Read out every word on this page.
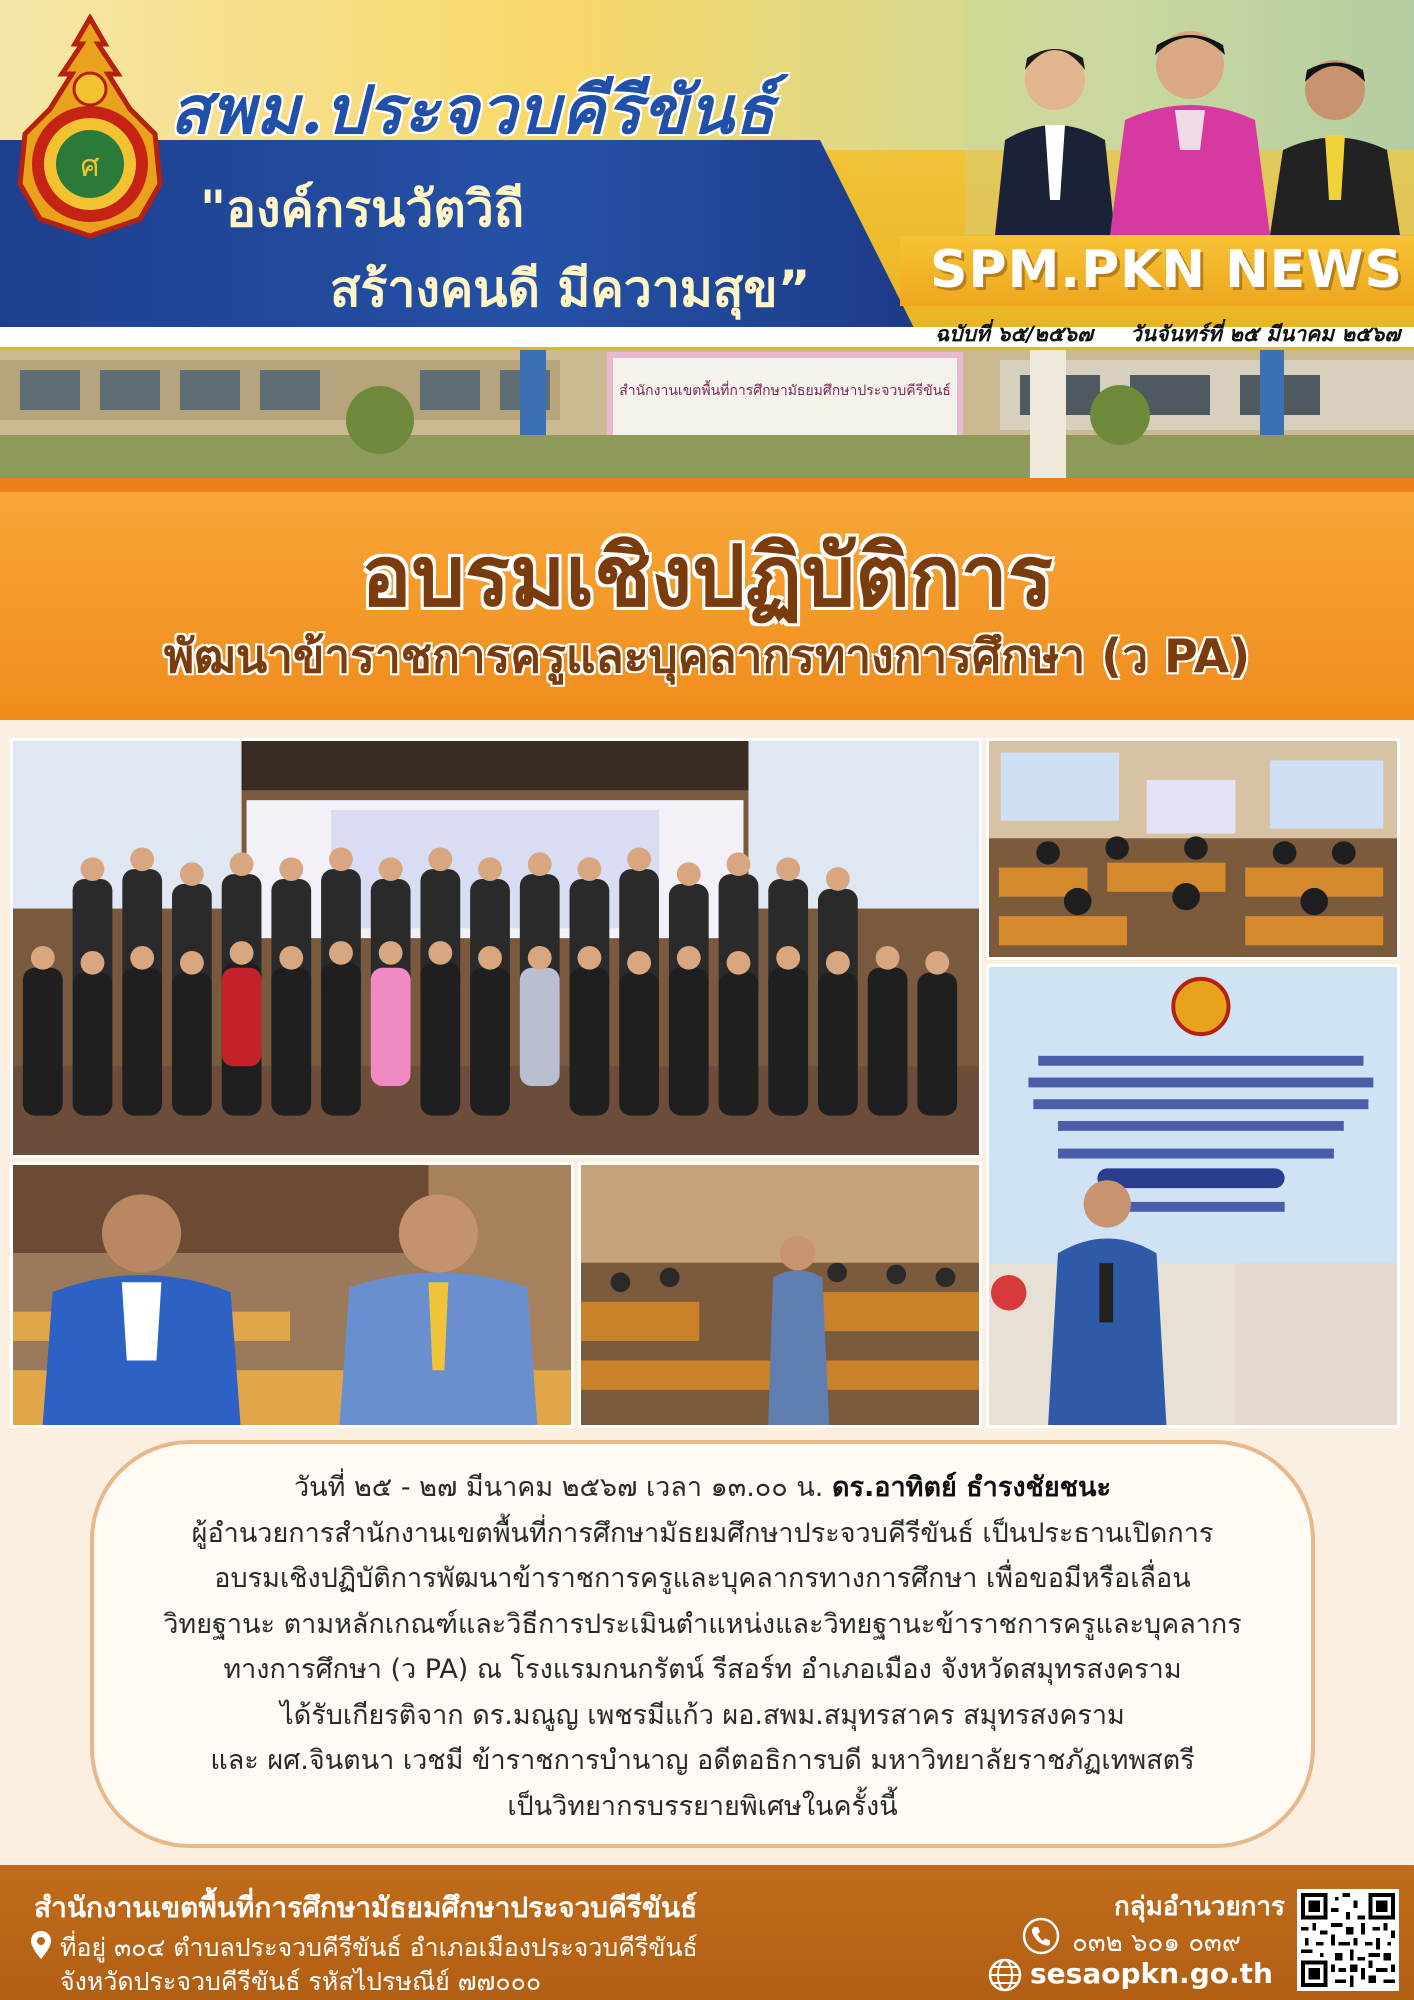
ศ
สพม.ประจวบคีรีขันธ์
"องค์กรนวัตวิถี
สร้างคนดี มีความสุข” SPM.PKN NEWS
ฉบับที่ ๖๕/๒๕๖๗ วันจันทร์ที่ ๒๕ มีนาคม ๒๕๖๗
สำนักงานเขตพื้นที่การศึกษามัธยมศึกษาประจวบคีรีขันธ์
อบรมเชิงปฏิบัติการ
พัฒนาข้าราชการครูและบุคลากรทางการศึกษา (ว PA)
วันที่ ๒๕ - ๒๗ มีนาคม ๒๕๖๗ เวลา ๑๓.๐๐ น. ดร.อาทิตย์ ธำรงชัยชนะ
ผู้อำนวยการสำนักงานเขตพื้นที่การศึกษามัธยมศึกษาประจวบคีรีขันธ์ เป็นประธานเปิดการ
อบรมเชิงปฏิบัติการพัฒนาข้าราชการครูและบุคลากรทางการศึกษา เพื่อขอมีหรือเลื่อน
วิทยฐานะ ตามหลักเกณฑ์และวิธีการประเมินตำแหน่งและวิทยฐานะข้าราชการครูและบุคลากร
ทางการศึกษา (ว PA) ณ โรงแรมกนกรัตน์ รีสอร์ท อำเภอเมือง จังหวัดสมุทรสงคราม
ได้รับเกียรติจาก ดร.มณูญ เพชรมีแก้ว ผอ.สพม.สมุทรสาคร สมุทรสงคราม
และ ผศ.จินตนา เวชมี ข้าราชการบำนาญ อดีตอธิการบดี มหาวิทยาลัยราชภัฏเทพสตรี
เป็นวิทยากรบรรยายพิเศษในครั้งนี้
สำนักงานเขตพื้นที่การศึกษามัธยมศึกษาประจวบคีรีขันธ์
ที่อยู่ ๓๐๔ ตำบลประจวบคีรีขันธ์ อำเภอเมืองประจวบคีรีขันธ์
จังหวัดประจวบคีรีขันธ์ รหัสไปรษณีย์ ๗๗๐๐๐
กลุ่มอำนวยการ
๐๓๒ ๖๐๑ ๐๓๙
sesaopkn.go.th
